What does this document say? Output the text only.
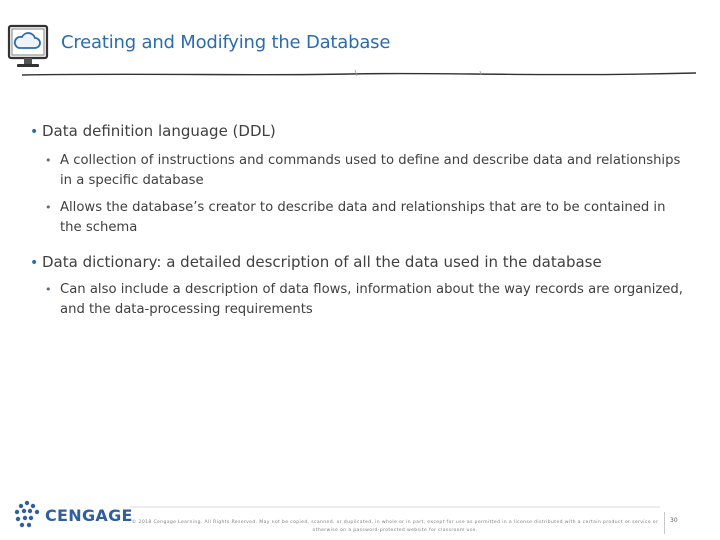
Creating and Modifying the Database
• Data definition language (DDL)
• A collection of instructions and commands used to define and describe data and relationships in a specific database
• Allows the database’s creator to describe data and relationships that are to be contained in the schema
• Data dictionary: a detailed description of all the data used in the database
• Can also include a description of data flows, information about the way records are organized, and the data-processing requirements
CENGAGE © 2018 Cengage Learning. All Rights Reserved. May not be copied, scanned, or duplicated, in whole or in part, except for use as permitted in a license distributed with a certain product or service or otherwise on a password-protected website for classroom use.
30
